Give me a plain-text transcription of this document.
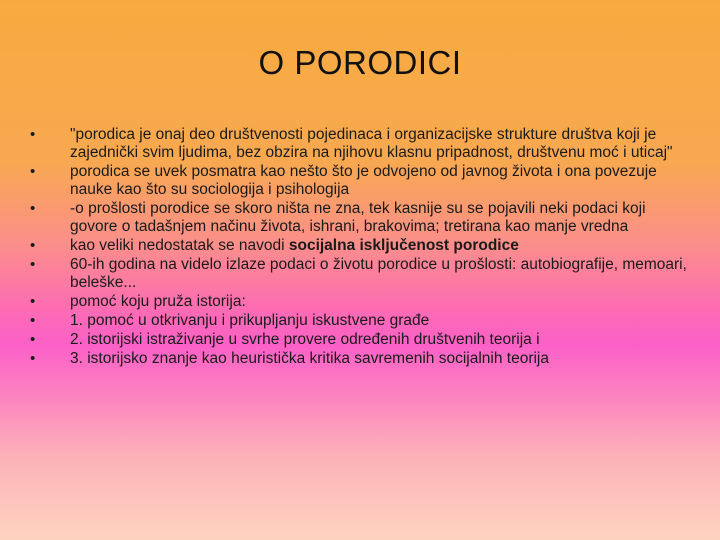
O PORODICI
•	"porodica je onaj deo društvenosti pojedinaca i organizacijske strukture društva koji je zajednički svim ljudima, bez obzira na njihovu klasnu pripadnost, društvenu moć i uticaj"
•	porodica se uvek posmatra kao nešto što je odvojeno od javnog života i ona povezuje nauke kao što su sociologija i psihologija
•	-o prošlosti porodice se skoro ništa ne zna, tek kasnije su se pojavili neki podaci koji govore o tadašnjem načinu života, ishrani, brakovima; tretirana kao manje vredna
•	kao veliki nedostatak se navodi socijalna isključenost porodice
•	60-ih godina na videlo izlaze podaci o životu porodice u prošlosti: autobiografije, memoari, beleške...
•	pomoć koju pruža istorija:
•	1. pomoć u otkrivanju i prikupljanju iskustvene građe
•	2. istorijski istraživanje u svrhe provere određenih društvenih teorija i
•	3. istorijsko znanje kao heuristička kritika savremenih socijalnih teorija
